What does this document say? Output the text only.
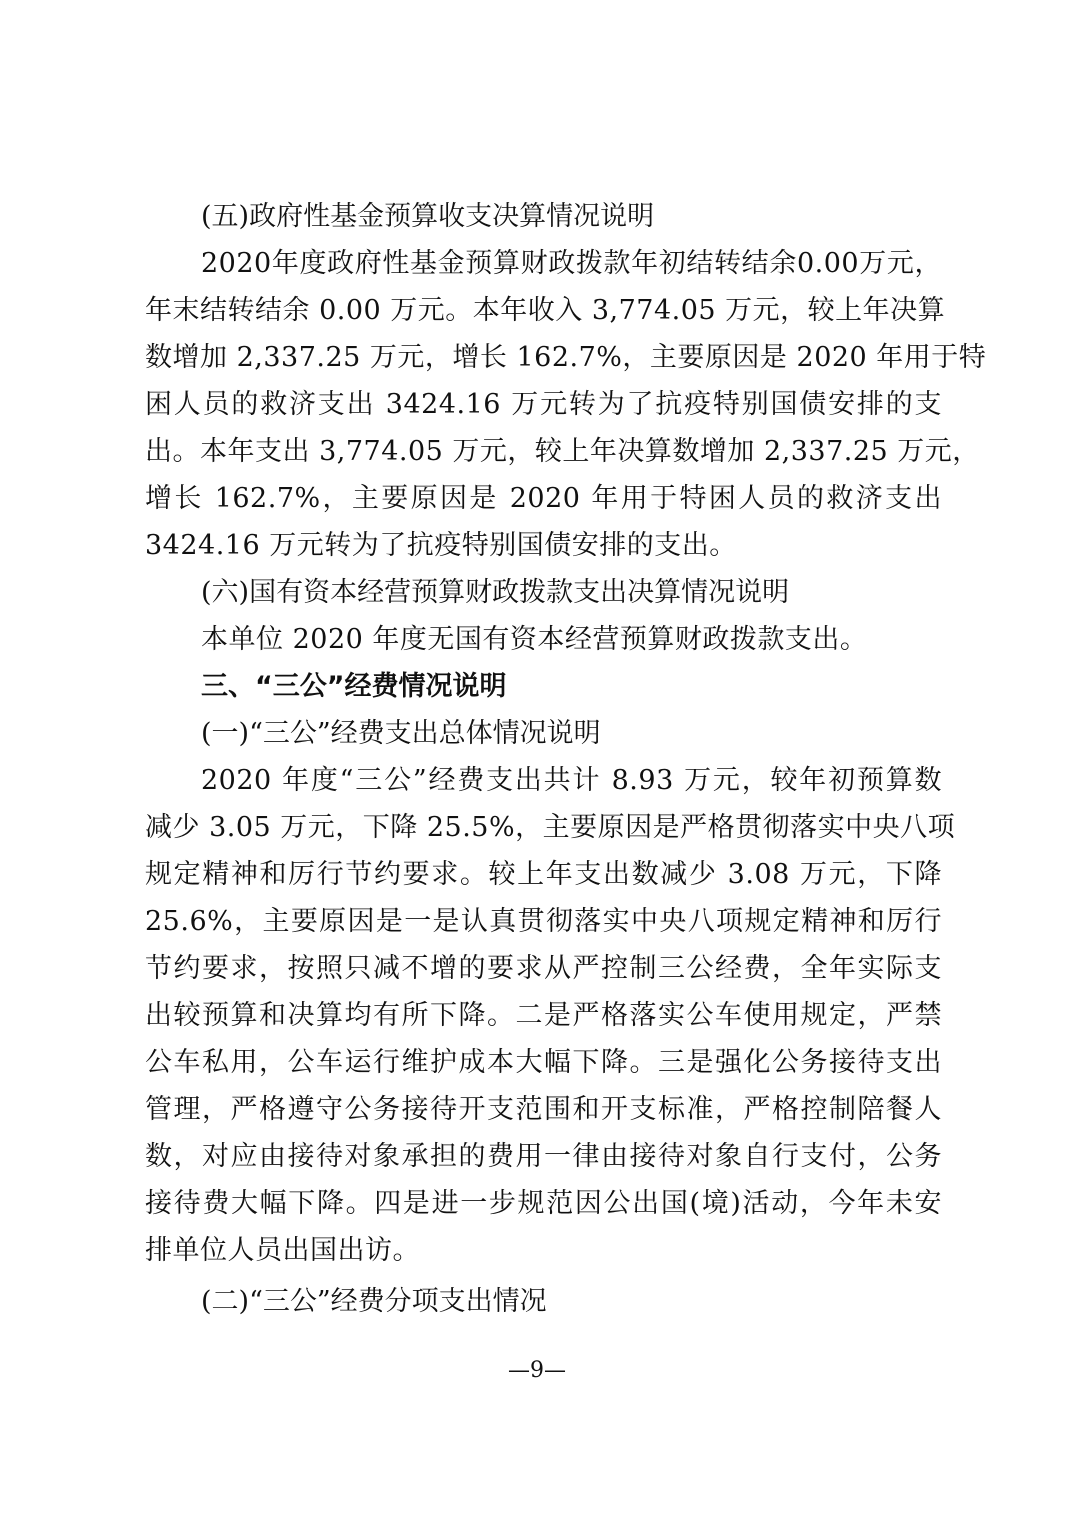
(五)政府性基金预算收支决算情况说明
2020年度政府性基金预算财政拨款年初结转结余0.00万元，
年末结转结余 0.00 万元。本年收入 3,774.05 万元，较上年决算
数增加 2,337.25 万元，增长 162.7%，主要原因是 2020 年用于特
困人员的救济支出 3424.16 万元转为了抗疫特别国债安排的支
出。本年支出 3,774.05 万元，较上年决算数增加 2,337.25 万元，
增长 162.7%，主要原因是 2020 年用于特困人员的救济支出
3424.16 万元转为了抗疫特别国债安排的支出。
(六)国有资本经营预算财政拨款支出决算情况说明
本单位 2020 年度无国有资本经营预算财政拨款支出。
三、“三公”经费情况说明
(一)“三公”经费支出总体情况说明
2020 年度“三公”经费支出共计 8.93 万元，较年初预算数
减少 3.05 万元，下降 25.5%，主要原因是严格贯彻落实中央八项
规定精神和厉行节约要求。较上年支出数减少 3.08 万元，下降
25.6%，主要原因是一是认真贯彻落实中央八项规定精神和厉行
节约要求，按照只减不增的要求从严控制三公经费，全年实际支
出较预算和决算均有所下降。二是严格落实公车使用规定，严禁
公车私用，公车运行维护成本大幅下降。三是强化公务接待支出
管理，严格遵守公务接待开支范围和开支标准，严格控制陪餐人
数，对应由接待对象承担的费用一律由接待对象自行支付，公务
接待费大幅下降。四是进一步规范因公出国(境)活动，今年未安
排单位人员出国出访。
(二)“三公”经费分项支出情况
—9—
